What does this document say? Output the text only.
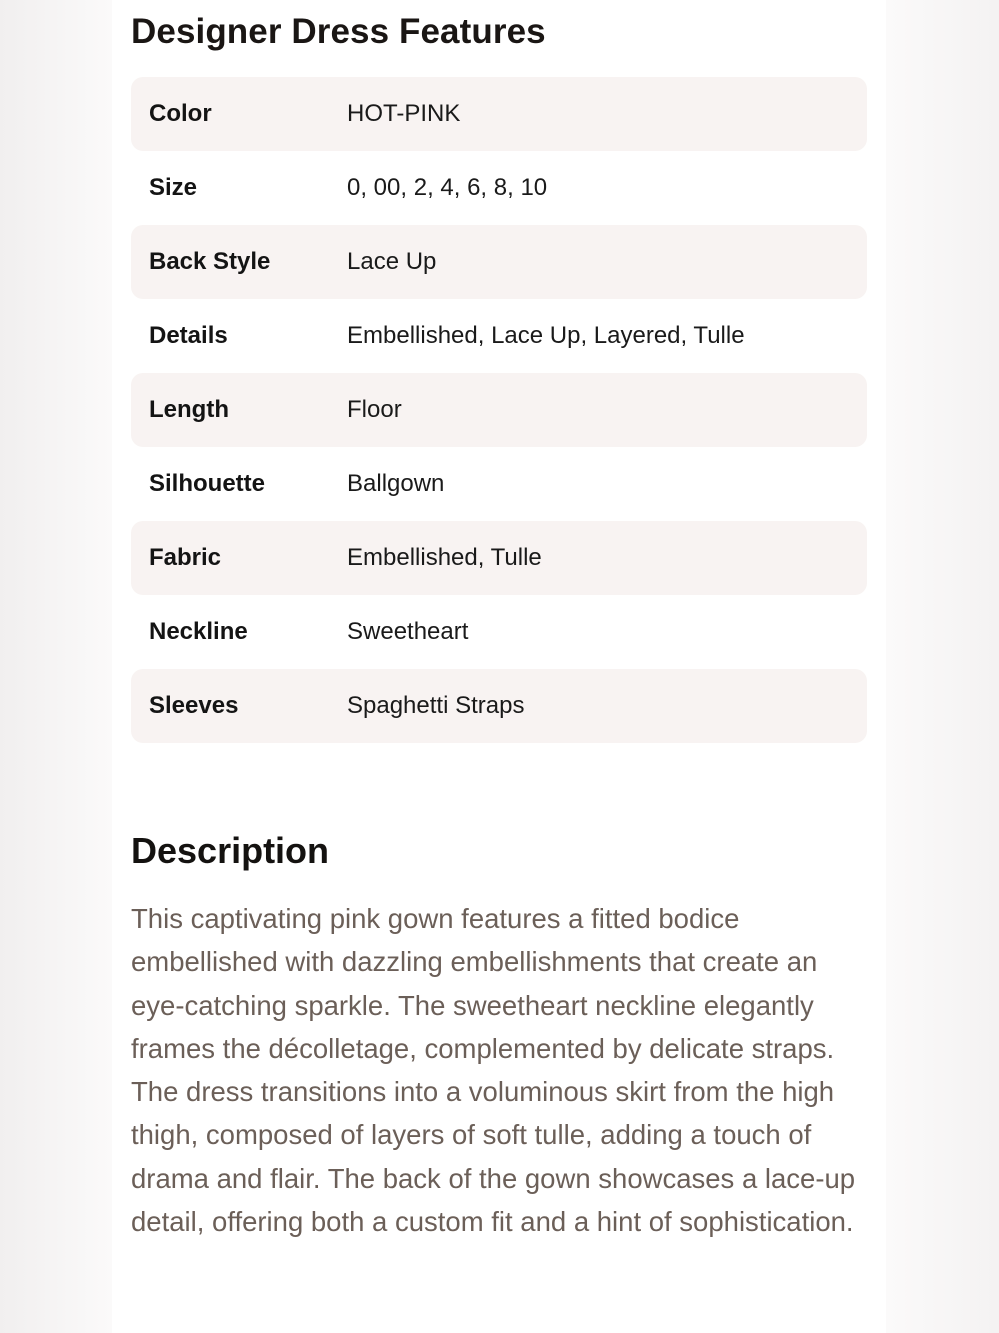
Designer Dress Features
Color	HOT-PINK
Size	0, 00, 2, 4, 6, 8, 10
Back Style	Lace Up
Details	Embellished, Lace Up, Layered, Tulle
Length	Floor
Silhouette	Ballgown
Fabric	Embellished, Tulle
Neckline	Sweetheart
Sleeves	Spaghetti Straps
Description

This captivating pink gown features a fitted bodice embellished with dazzling embellishments that create an eye-catching sparkle. The sweetheart neckline elegantly frames the décolletage, complemented by delicate straps. The dress transitions into a voluminous skirt from the high thigh, composed of layers of soft tulle, adding a touch of drama and flair. The back of the gown showcases a lace-up detail, offering both a custom fit and a hint of sophistication.
